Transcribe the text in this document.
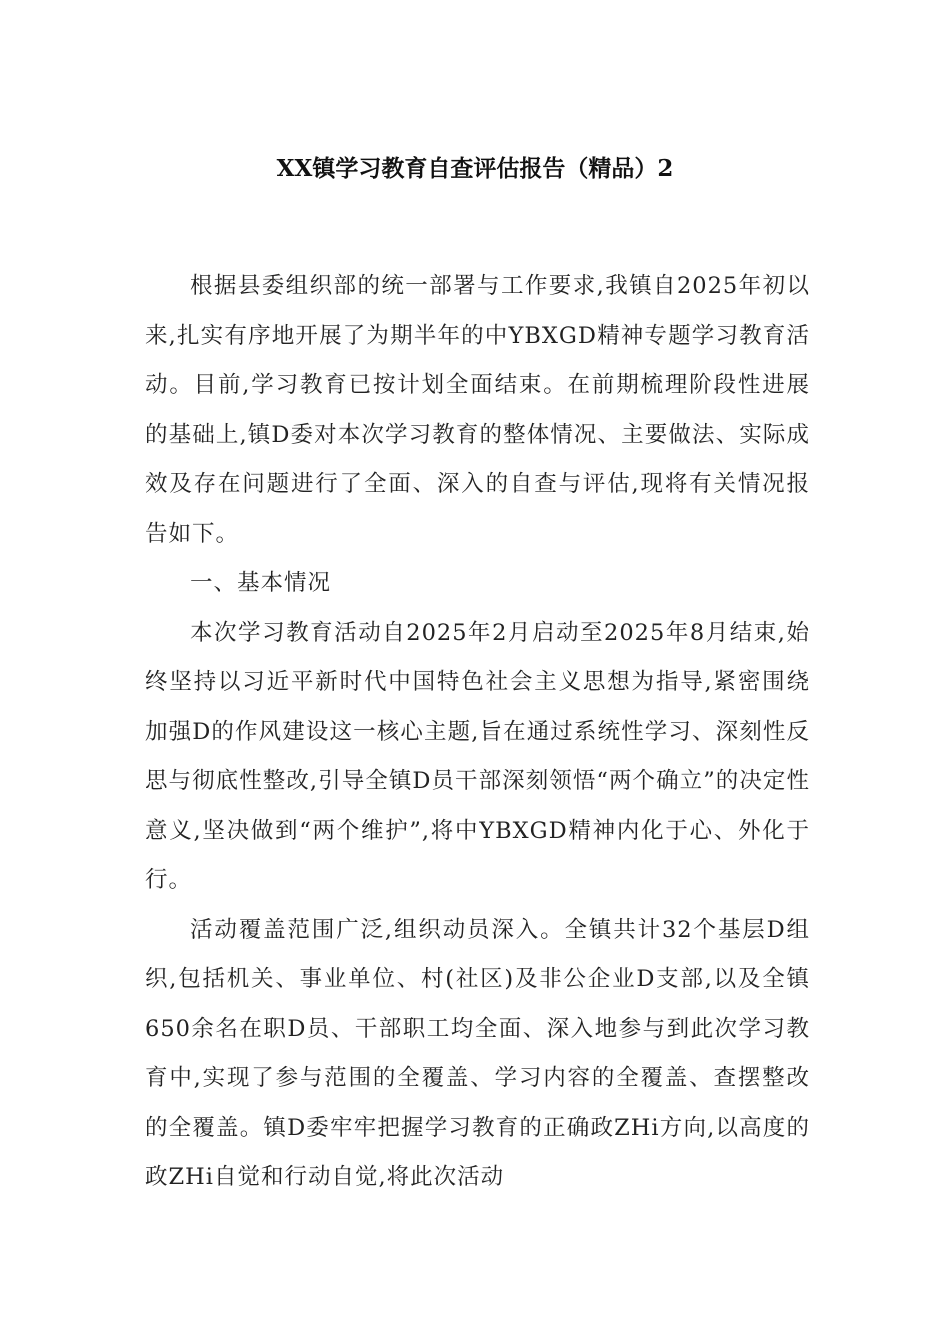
XX镇学习教育自查评估报告（精品）2

根据县委组织部的统一部署与工作要求,我镇自2025年初以来,扎实有序地开展了为期半年的中YBXGD精神专题学习教育活动。目前,学习教育已按计划全面结束。在前期梳理阶段性进展的基础上,镇D委对本次学习教育的整体情况、主要做法、实际成效及存在问题进行了全面、深入的自查与评估,现将有关情况报告如下。

一、基本情况

本次学习教育活动自2025年2月启动至2025年8月结束,始终坚持以习近平新时代中国特色社会主义思想为指导,紧密围绕加强D的作风建设这一核心主题,旨在通过系统性学习、深刻性反思与彻底性整改,引导全镇D员干部深刻领悟“两个确立”的决定性意义,坚决做到“两个维护”,将中YBXGD精神内化于心、外化于行。

活动覆盖范围广泛,组织动员深入。全镇共计32个基层D组织,包括机关、事业单位、村(社区)及非公企业D支部,以及全镇650余名在职D员、干部职工均全面、深入地参与到此次学习教育中,实现了参与范围的全覆盖、学习内容的全覆盖、查摆整改的全覆盖。镇D委牢牢把握学习教育的正确政ZHi方向,以高度的政ZHi自觉和行动自觉,将此次活动
